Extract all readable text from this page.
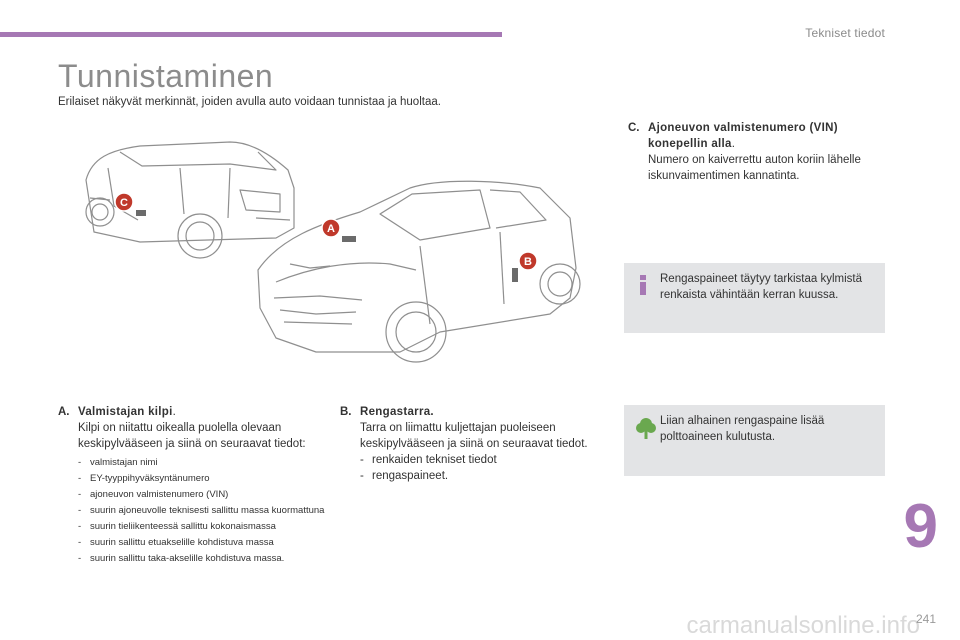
Tekniset tiedot
Tunnistaminen
Erilaiset näkyvät merkinnät, joiden avulla auto voidaan tunnistaa ja huoltaa.
C
A
B
A. Valmistajan kilpi.
Kilpi on niitattu oikealla puolella olevaan keskipylvääseen ja siinä on seuraavat tiedot:
- valmistajan nimi
- EY-tyyppihyväksyntänumero
- ajoneuvon valmistenumero (VIN)
- suurin ajoneuvolle teknisesti sallittu massa kuormattuna
- suurin tieliikenteessä sallittu kokonaismassa
- suurin sallittu etuakselille kohdistuva massa
- suurin sallittu taka-akselille kohdistuva massa.
B. Rengastarra.
Tarra on liimattu kuljettajan puoleiseen keskipylvääseen ja siinä on seuraavat tiedot.
- renkaiden tekniset tiedot
- rengaspaineet.
C. Ajoneuvon valmistenumero (VIN) konepellin alla.
Numero on kaiverrettu auton koriin lähelle iskunvaimentimen kannatinta.
Rengaspaineet täytyy tarkistaa kylmistä renkaista vähintään kerran kuussa.
Liian alhainen rengaspaine lisää polttoaineen kulutusta.
9
carmanualsonline.info
241
